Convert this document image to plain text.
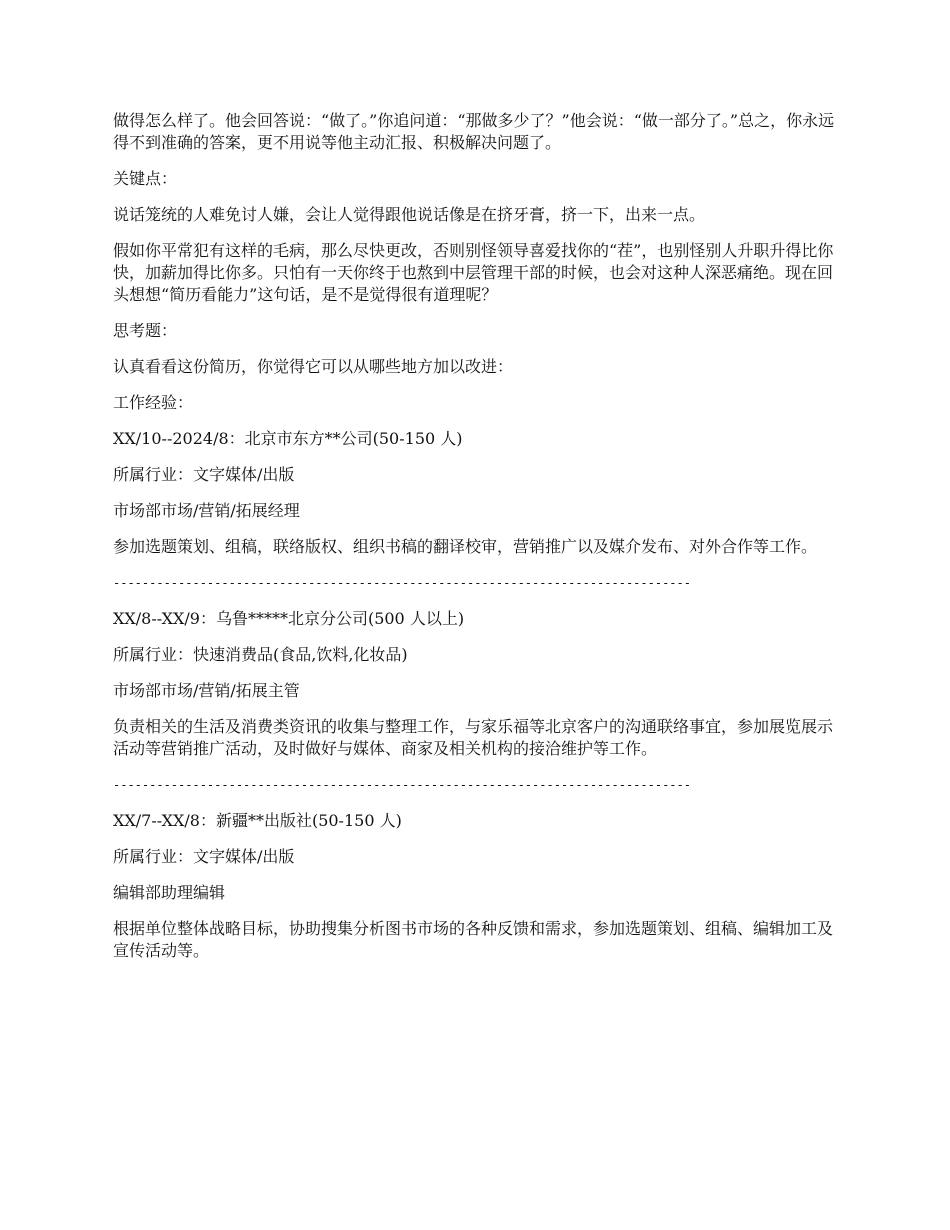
做得怎么样了。他会回答说：“做了。”你追问道：“那做多少了？”他会说：“做一部分了。”总之，你永远得不到准确的答案，更不用说等他主动汇报、积极解决问题了。

关键点：

说话笼统的人难免讨人嫌，会让人觉得跟他说话像是在挤牙膏，挤一下，出来一点。

假如你平常犯有这样的毛病，那么尽快更改，否则别怪领导喜爱找你的“茬”，也别怪别人升职升得比你快，加薪加得比你多。只怕有一天你终于也熬到中层管理干部的时候，也会对这种人深恶痛绝。现在回头想想“简历看能力”这句话，是不是觉得很有道理呢？

思考题：

认真看看这份简历，你觉得它可以从哪些地方加以改进：

工作经验：

XX/10--2024/8：北京市东方**公司(50-150 人)

所属行业：文字媒体/出版

市场部市场/营销/拓展经理

参加选题策划、组稿，联络版权、组织书稿的翻译校审，营销推广以及媒介发布、对外合作等工作。

--------------------------------------------------------------------------------

XX/8--XX/9：乌鲁*****北京分公司(500 人以上)

所属行业：快速消费品(食品,饮料,化妆品)

市场部市场/营销/拓展主管

负责相关的生活及消费类资讯的收集与整理工作，与家乐福等北京客户的沟通联络事宜，参加展览展示活动等营销推广活动，及时做好与媒体、商家及相关机构的接洽维护等工作。

--------------------------------------------------------------------------------

XX/7--XX/8：新疆**出版社(50-150 人)

所属行业：文字媒体/出版

编辑部助理编辑

根据单位整体战略目标，协助搜集分析图书市场的各种反馈和需求，参加选题策划、组稿、编辑加工及宣传活动等。
